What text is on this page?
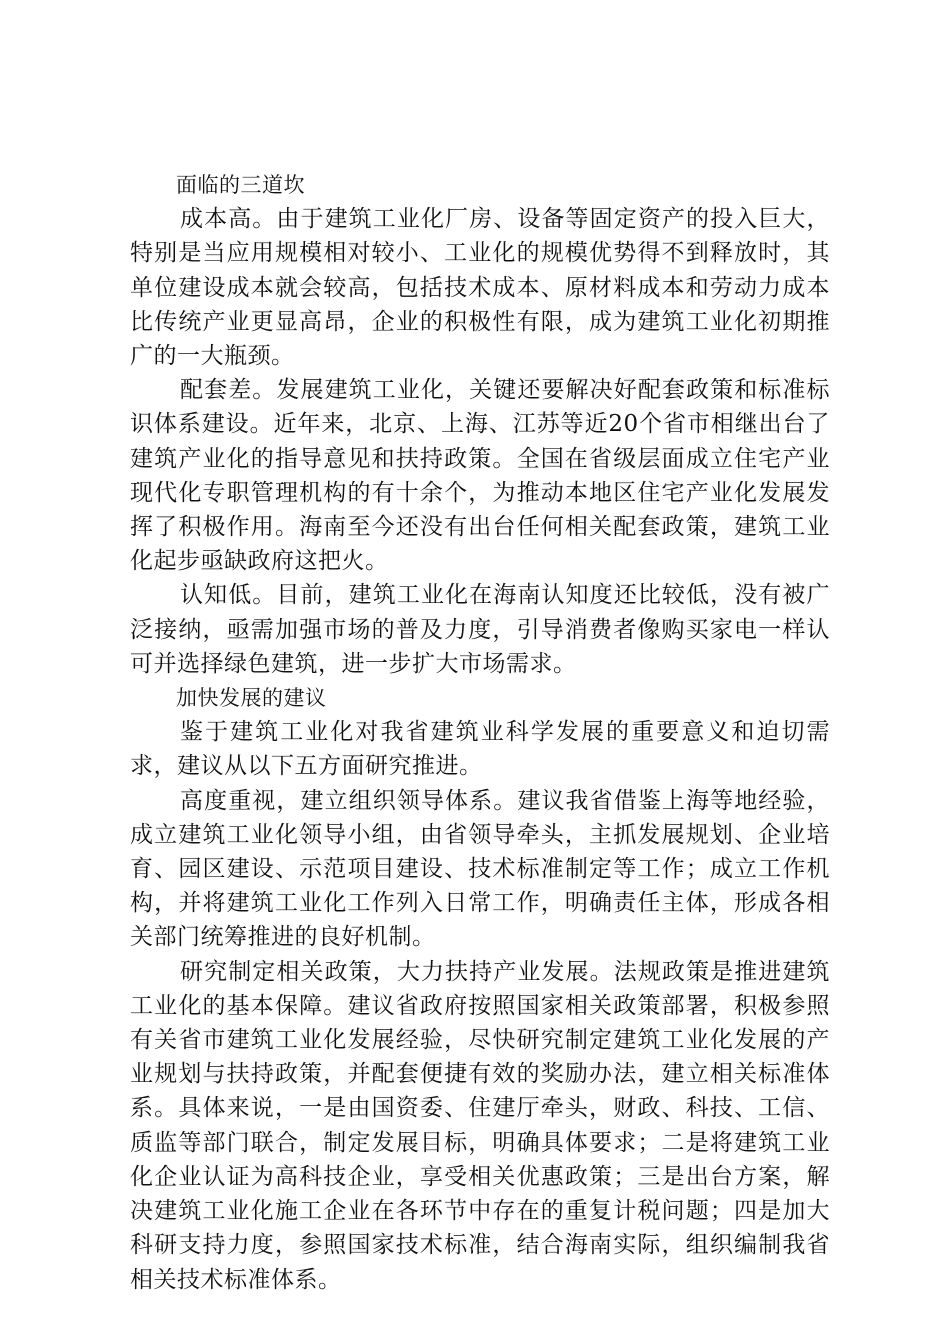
面临的三道坎

成本高。由于建筑工业化厂房、设备等固定资产的投入巨大，特别是当应用规模相对较小、工业化的规模优势得不到释放时，其单位建设成本就会较高，包括技术成本、原材料成本和劳动力成本比传统产业更显高昂，企业的积极性有限，成为建筑工业化初期推广的一大瓶颈。

配套差。发展建筑工业化，关键还要解决好配套政策和标准标识体系建设。近年来，北京、上海、江苏等近20个省市相继出台了建筑产业化的指导意见和扶持政策。全国在省级层面成立住宅产业现代化专职管理机构的有十余个，为推动本地区住宅产业化发展发挥了积极作用。海南至今还没有出台任何相关配套政策，建筑工业化起步亟缺政府这把火。

认知低。目前，建筑工业化在海南认知度还比较低，没有被广泛接纳，亟需加强市场的普及力度，引导消费者像购买家电一样认可并选择绿色建筑，进一步扩大市场需求。

加快发展的建议

鉴于建筑工业化对我省建筑业科学发展的重要意义和迫切需求，建议从以下五方面研究推进。

高度重视，建立组织领导体系。建议我省借鉴上海等地经验，成立建筑工业化领导小组，由省领导牵头，主抓发展规划、企业培育、园区建设、示范项目建设、技术标准制定等工作；成立工作机构，并将建筑工业化工作列入日常工作，明确责任主体，形成各相关部门统筹推进的良好机制。

研究制定相关政策，大力扶持产业发展。法规政策是推进建筑工业化的基本保障。建议省政府按照国家相关政策部署，积极参照有关省市建筑工业化发展经验，尽快研究制定建筑工业化发展的产业规划与扶持政策，并配套便捷有效的奖励办法，建立相关标准体系。具体来说，一是由国资委、住建厅牵头，财政、科技、工信、质监等部门联合，制定发展目标，明确具体要求；二是将建筑工业化企业认证为高科技企业，享受相关优惠政策；三是出台方案，解决建筑工业化施工企业在各环节中存在的重复计税问题；四是加大科研支持力度，参照国家技术标准，结合海南实际，组织编制我省相关技术标准体系。
